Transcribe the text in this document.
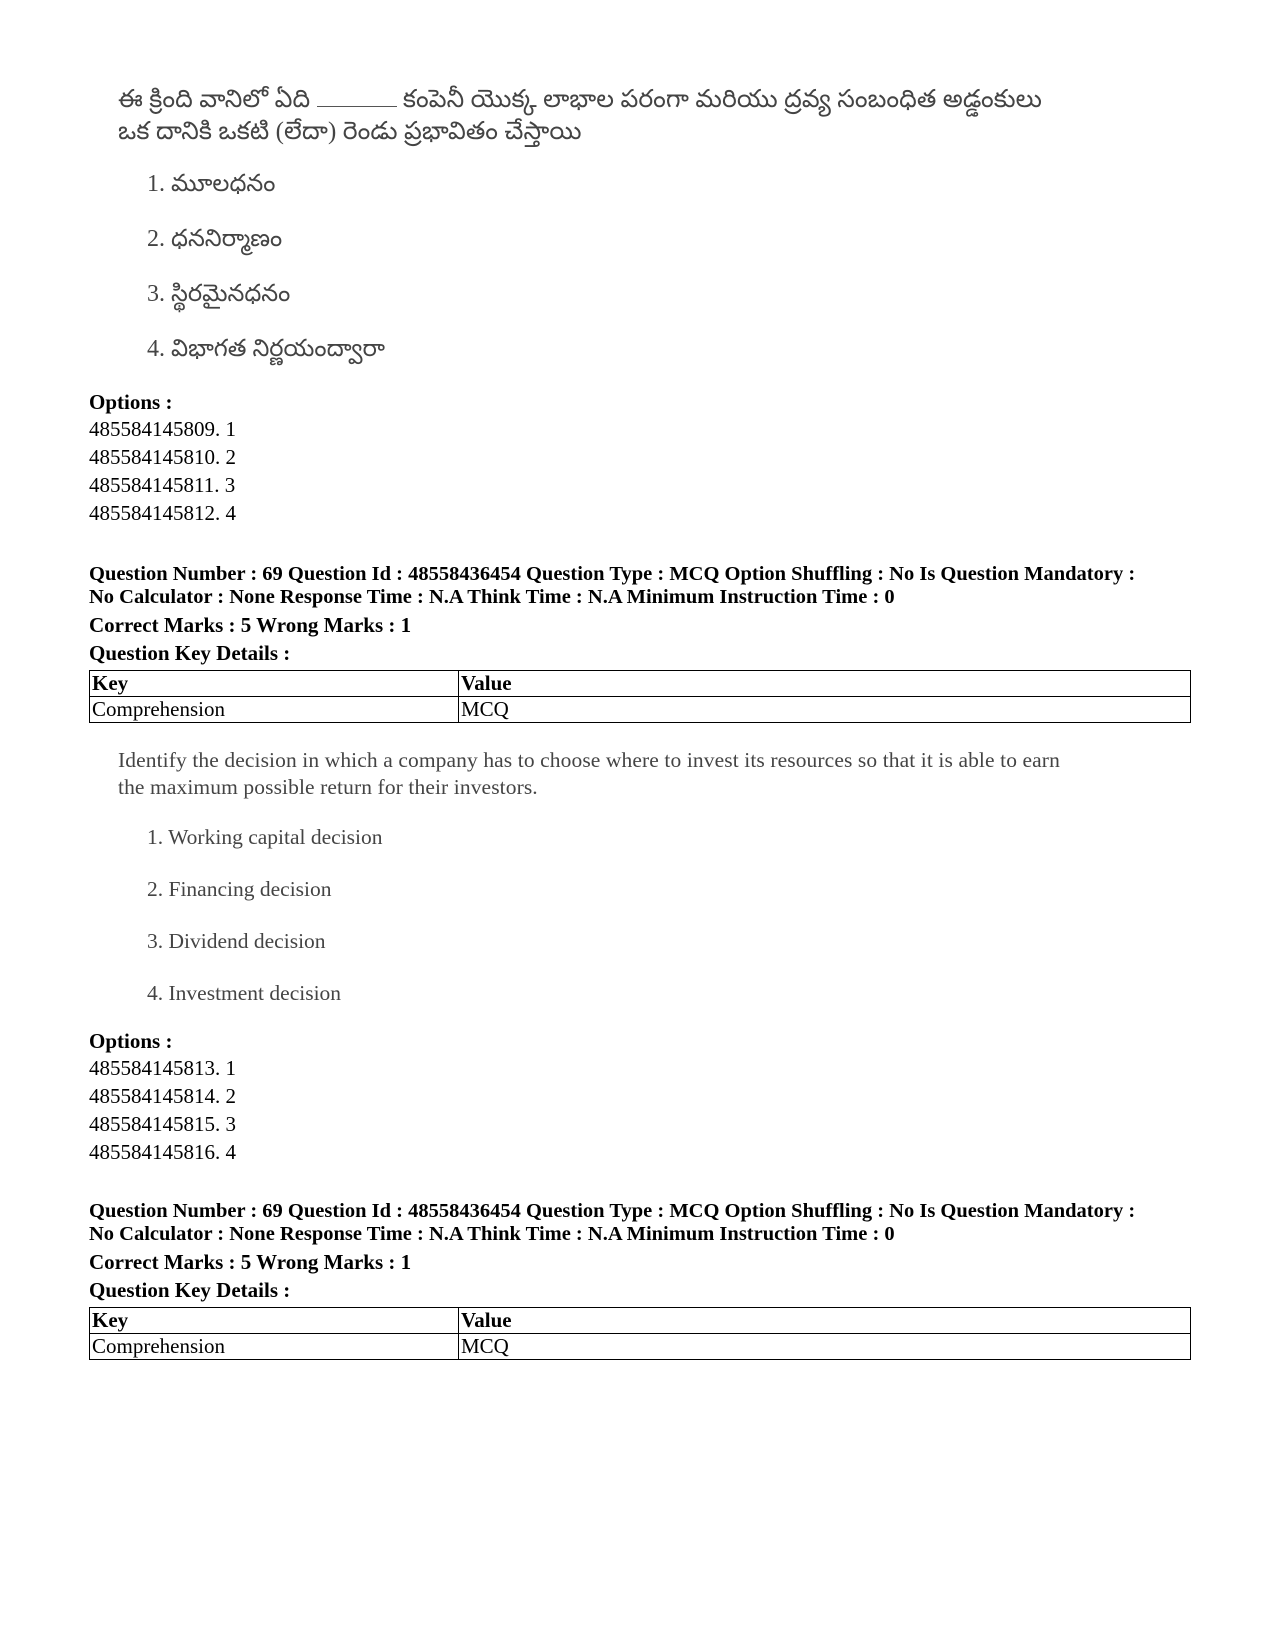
ఈ క్రింది వానిలో ఏది	కంపెనీ యొక్క లాభాల పరంగా మరియు ద్రవ్య సంబంధిత అడ్డంకులు
ఒక దానికి ఒకటి (లేదా) రెండు ప్రభావితం చేస్తాయి
1. మూలధనం
2. ధననిర్మాణం
3. స్థిరమైనధనం
4. విభాగత నిర్ణయంద్వారా
Options :
485584145809. 1
485584145810. 2
485584145811. 3
485584145812. 4
Question Number : 69 Question Id : 48558436454 Question Type : MCQ Option Shuffling : No Is Question Mandatory :
No Calculator : None Response Time : N.A Think Time : N.A Minimum Instruction Time : 0
Correct Marks : 5 Wrong Marks : 1
Question Key Details :
Key	Value
Comprehension	MCQ
Identify the decision in which a company has to choose where to invest its resources so that it is able to earn
the maximum possible return for their investors.
1. Working capital decision
2. Financing decision
3. Dividend decision
4. Investment decision
Options :
485584145813. 1
485584145814. 2
485584145815. 3
485584145816. 4
Question Number : 69 Question Id : 48558436454 Question Type : MCQ Option Shuffling : No Is Question Mandatory :
No Calculator : None Response Time : N.A Think Time : N.A Minimum Instruction Time : 0
Correct Marks : 5 Wrong Marks : 1
Question Key Details :
Key	Value
Comprehension	MCQ
